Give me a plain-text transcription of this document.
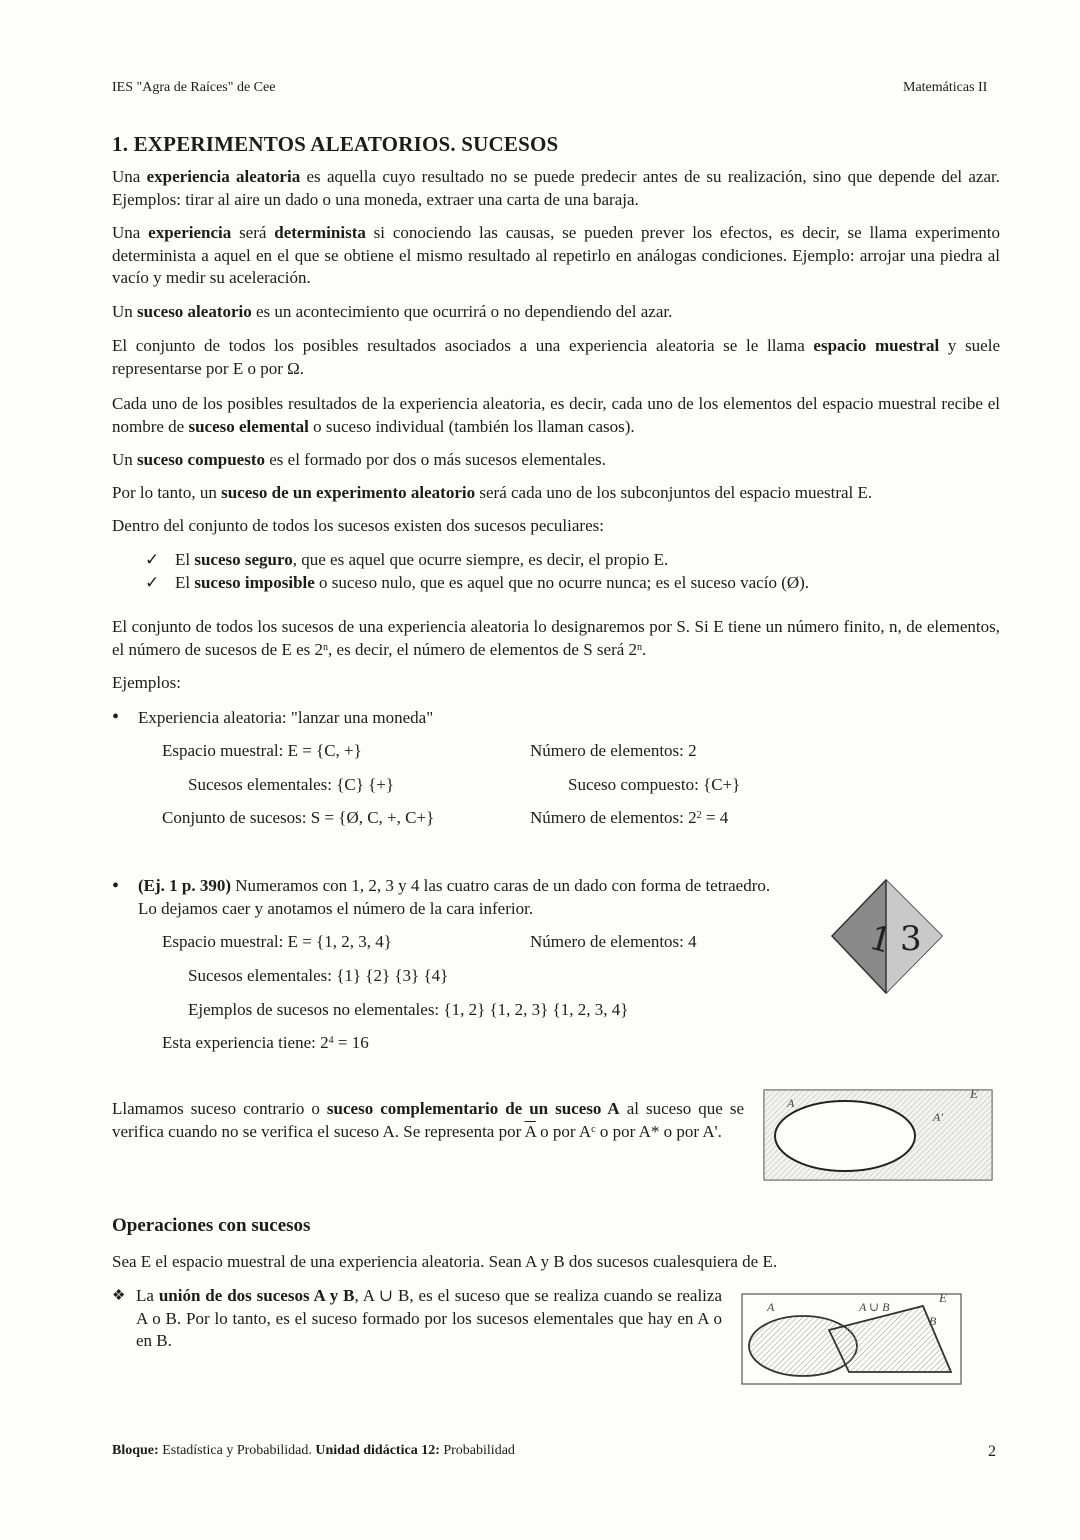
IES "Agra de Raíces" de Cee	Matemáticas II
1. EXPERIMENTOS ALEATORIOS. SUCESOS
Una experiencia aleatoria es aquella cuyo resultado no se puede predecir antes de su realización, sino que depende del azar. Ejemplos: tirar al aire un dado o una moneda, extraer una carta de una baraja.
Una experiencia será determinista si conociendo las causas, se pueden prever los efectos, es decir, se llama experimento determinista a aquel en el que se obtiene el mismo resultado al repetirlo en análogas condiciones. Ejemplo: arrojar una piedra al vacío y medir su aceleración.
Un suceso aleatorio es un acontecimiento que ocurrirá o no dependiendo del azar.
El conjunto de todos los posibles resultados asociados a una experiencia aleatoria se le llama espacio muestral y suele representarse por E o por Ω.
Cada uno de los posibles resultados de la experiencia aleatoria, es decir, cada uno de los elementos del espacio muestral recibe el nombre de suceso elemental o suceso individual (también los llaman casos).
Un suceso compuesto es el formado por dos o más sucesos elementales.
Por lo tanto, un suceso de un experimento aleatorio será cada uno de los subconjuntos del espacio muestral E.
Dentro del conjunto de todos los sucesos existen dos sucesos peculiares:
✓ El suceso seguro, que es aquel que ocurre siempre, es decir, el propio E.
✓ El suceso imposible o suceso nulo, que es aquel que no ocurre nunca; es el suceso vacío (Ø).
El conjunto de todos los sucesos de una experiencia aleatoria lo designaremos por S. Si E tiene un número finito, n, de elementos, el número de sucesos de E es 2$^n$, es decir, el número de elementos de S será 2$^n$.
Ejemplos:
• Experiencia aleatoria: "lanzar una moneda"
Espacio muestral: E = {C, +}	Número de elementos: 2
Sucesos elementales: {C} {+}	Suceso compuesto: {C+}
Conjunto de sucesos: S = {Ø, C, +, C+}	Número de elementos: $2^2 = 4$
•	(Ej. 1 p. 390) Numeramos con 1, 2, 3 y 4 las cuatro caras de un dado con forma de tetraedro. Lo dejamos caer y anotamos el número de la cara inferior.
Espacio muestral: E = {1, 2, 3, 4}	Número de elementos: 4
Sucesos elementales: {1} {2} {3} {4}
Ejemplos de sucesos no elementales: {1, 2} {1, 2, 3} {1, 2, 3, 4}
Esta experiencia tiene: $2^4 = 16$
1 3
Llamamos suceso contrario o suceso complementario de un suceso A al suceso que se verifica cuando no se verifica el suceso A. Se representa por $\overline{A}$ o por $A^c$ o por A* o por A'.
E
A
A'
Operaciones con sucesos
Sea E el espacio muestral de una experiencia aleatoria. Sean A y B dos sucesos cualesquiera de E.
❖ La unión de dos sucesos A y B, A ∪ B, es el suceso que se realiza cuando se realiza A o B. Por lo tanto, es el suceso formado por los sucesos elementales que hay en A o en B.
E
A
B
A ∪ B
Bloque: Estadística y Probabilidad. Unidad didáctica 12: Probabilidad	2
